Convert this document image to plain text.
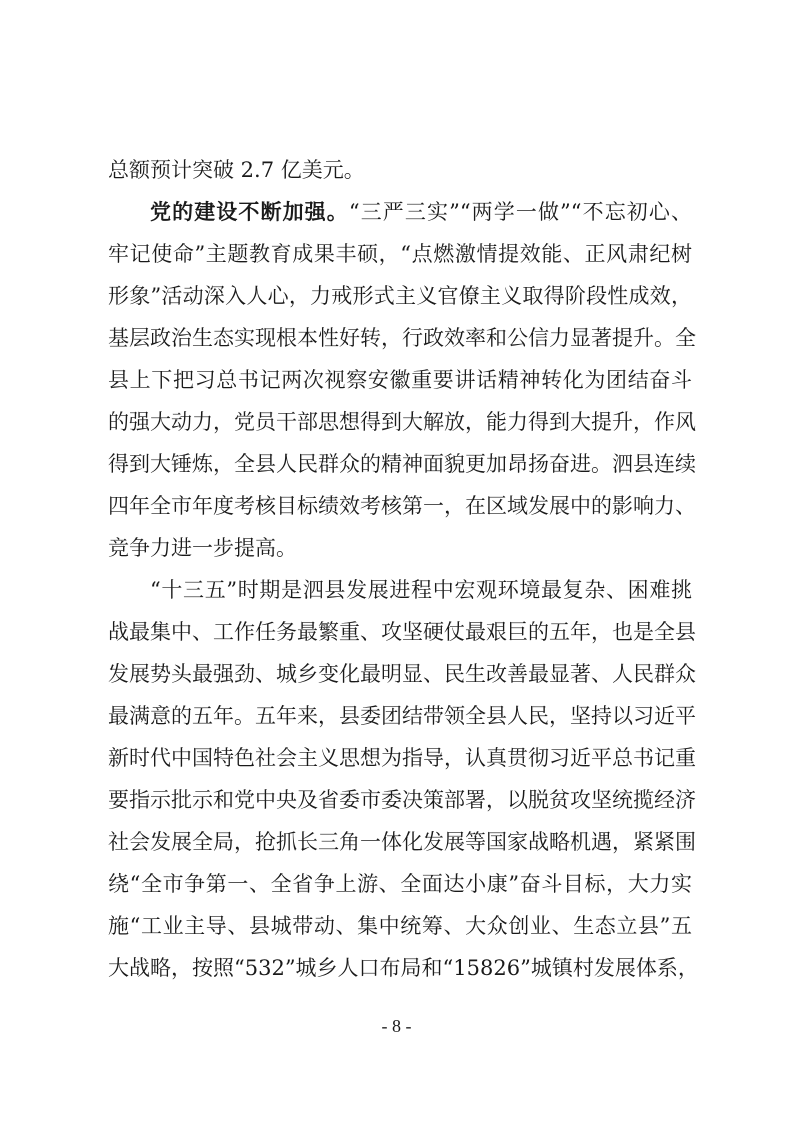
总额预计突破 2.7 亿美元。
党的建设不断加强。“三严三实”“两学一做”“不忘初心、
牢记使命”主题教育成果丰硕，“点燃激情提效能、正风肃纪树
形象”活动深入人心，力戒形式主义官僚主义取得阶段性成效，
基层政治生态实现根本性好转，行政效率和公信力显著提升。全
县上下把习总书记两次视察安徽重要讲话精神转化为团结奋斗
的强大动力，党员干部思想得到大解放，能力得到大提升，作风
得到大锤炼，全县人民群众的精神面貌更加昂扬奋进。泗县连续
四年全市年度考核目标绩效考核第一，在区域发展中的影响力、
竞争力进一步提高。
“十三五”时期是泗县发展进程中宏观环境最复杂、困难挑
战最集中、工作任务最繁重、攻坚硬仗最艰巨的五年，也是全县
发展势头最强劲、城乡变化最明显、民生改善最显著、人民群众
最满意的五年。五年来，县委团结带领全县人民，坚持以习近平
新时代中国特色社会主义思想为指导，认真贯彻习近平总书记重
要指示批示和党中央及省委市委决策部署，以脱贫攻坚统揽经济
社会发展全局，抢抓长三角一体化发展等国家战略机遇，紧紧围
绕“全市争第一、全省争上游、全面达小康”奋斗目标，大力实
施“工业主导、县城带动、集中统筹、大众创业、生态立县”五
大战略，按照“532”城乡人口布局和“15826”城镇村发展体系，
- 8 -
